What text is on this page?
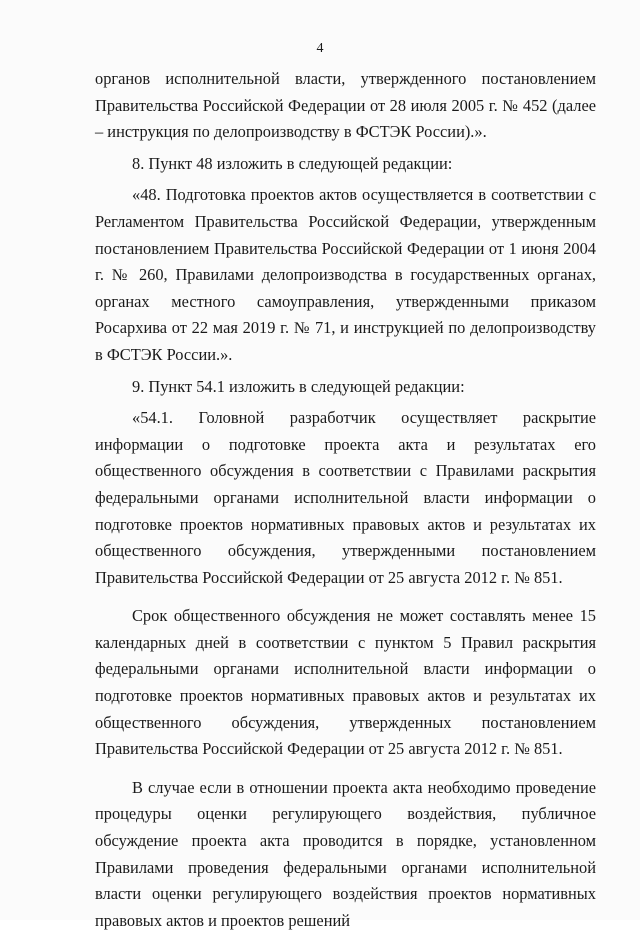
4

органов исполнительной власти, утвержденного постановлением Правительства Российской Федерации от 28 июля 2005 г. № 452 (далее – инструкция по делопроизводству в ФСТЭК России).».

8. Пункт 48 изложить в следующей редакции:

«48. Подготовка проектов актов осуществляется в соответствии с Регламентом Правительства Российской Федерации, утвержденным постановлением Правительства Российской Федерации от 1 июня 2004 г. № 260, Правилами делопроизводства в государственных органах, органах местного самоуправления, утвержденными приказом Росархива от 22 мая 2019 г. № 71, и инструкцией по делопроизводству в ФСТЭК России.».

9. Пункт 54.1 изложить в следующей редакции:

«54.1. Головной разработчик осуществляет раскрытие информации о подготовке проекта акта и результатах его общественного обсуждения в соответствии с Правилами раскрытия федеральными органами исполнительной власти информации о подготовке проектов нормативных правовых актов и результатах их общественного обсуждения, утвержденными постановлением Правительства Российской Федерации от 25 августа 2012 г. № 851.

Срок общественного обсуждения не может составлять менее 15 календарных дней в соответствии с пунктом 5 Правил раскрытия федеральными органами исполнительной власти информации о подготовке проектов нормативных правовых актов и результатах их общественного обсуждения, утвержденных постановлением Правительства Российской Федерации от 25 августа 2012 г. № 851.

В случае если в отношении проекта акта необходимо проведение процедуры оценки регулирующего воздействия, публичное обсуждение проекта акта проводится в порядке, установленном Правилами проведения федеральными органами исполнительной власти оценки регулирующего воздействия проектов нормативных правовых актов и проектов решений
